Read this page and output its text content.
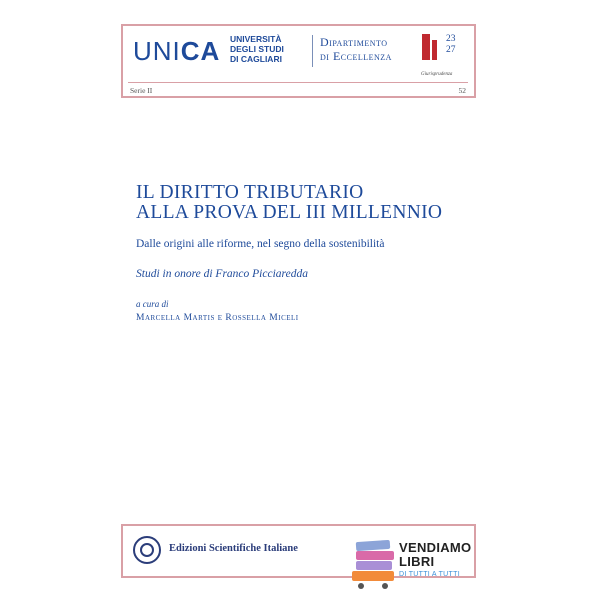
UNICA UNIVERSITÀ
DEGLI STUDI
DI CAGLIARI
Dipartimento
di Eccellenza
23
27
Giurisprudenza
Serie II	52
IL DIRITTO TRIBUTARIO
ALLA PROVA DEL III MILLENNIO
Dalle origini alle riforme, nel segno della sostenibilità
Studi in onore di Franco Picciaredda
a cura di
Marcella Martis e Rossella Miceli
Edizioni Scientifiche Italiane	VENDIAMO
LIBRI
DI TUTTI A TUTTI
